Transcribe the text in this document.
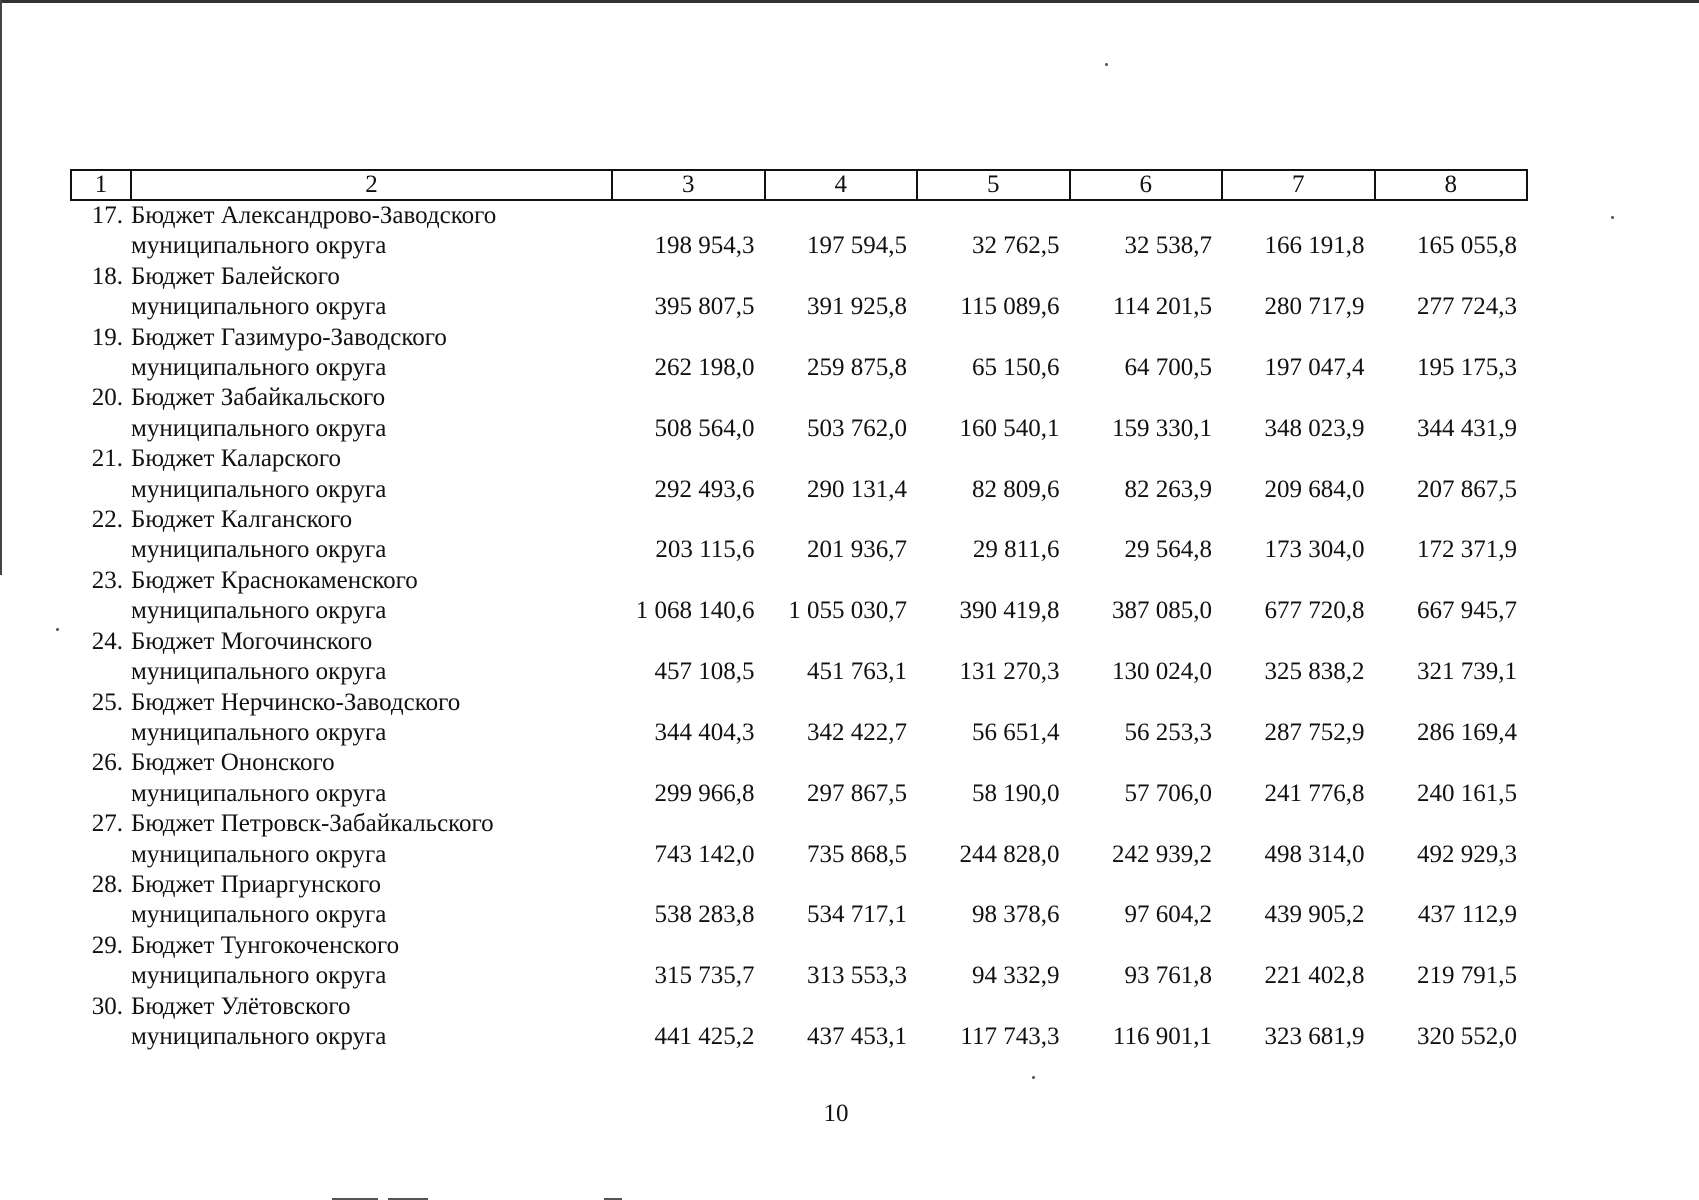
1	2	3	4	5	6	7	8
17.	Бюджет Александрово-Заводского						
	муниципального округа	198 954,3	197 594,5	32 762,5	32 538,7	166 191,8	165 055,8
18.	Бюджет Балейского						
	муниципального округа	395 807,5	391 925,8	115 089,6	114 201,5	280 717,9	277 724,3
19.	Бюджет Газимуро-Заводского						
	муниципального округа	262 198,0	259 875,8	65 150,6	64 700,5	197 047,4	195 175,3
20.	Бюджет Забайкальского						
	муниципального округа	508 564,0	503 762,0	160 540,1	159 330,1	348 023,9	344 431,9
21.	Бюджет Каларского						
	муниципального округа	292 493,6	290 131,4	82 809,6	82 263,9	209 684,0	207 867,5
22.	Бюджет Калганского						
	муниципального округа	203 115,6	201 936,7	29 811,6	29 564,8	173 304,0	172 371,9
23.	Бюджет Краснокаменского						
	муниципального округа	1 068 140,6	1 055 030,7	390 419,8	387 085,0	677 720,8	667 945,7
24.	Бюджет Могочинского						
	муниципального округа	457 108,5	451 763,1	131 270,3	130 024,0	325 838,2	321 739,1
25.	Бюджет Нерчинско-Заводского						
	муниципального округа	344 404,3	342 422,7	56 651,4	56 253,3	287 752,9	286 169,4
26.	Бюджет Ононского						
	муниципального округа	299 966,8	297 867,5	58 190,0	57 706,0	241 776,8	240 161,5
27.	Бюджет Петровск-Забайкальского						
	муниципального округа	743 142,0	735 868,5	244 828,0	242 939,2	498 314,0	492 929,3
28.	Бюджет Приаргунского						
	муниципального округа	538 283,8	534 717,1	98 378,6	97 604,2	439 905,2	437 112,9
29.	Бюджет Тунгокоченского						
	муниципального округа	315 735,7	313 553,3	94 332,9	93 761,8	221 402,8	219 791,5
30.	Бюджет Улётовского						
	муниципального округа	441 425,2	437 453,1	117 743,3	116 901,1	323 681,9	320 552,0
10
